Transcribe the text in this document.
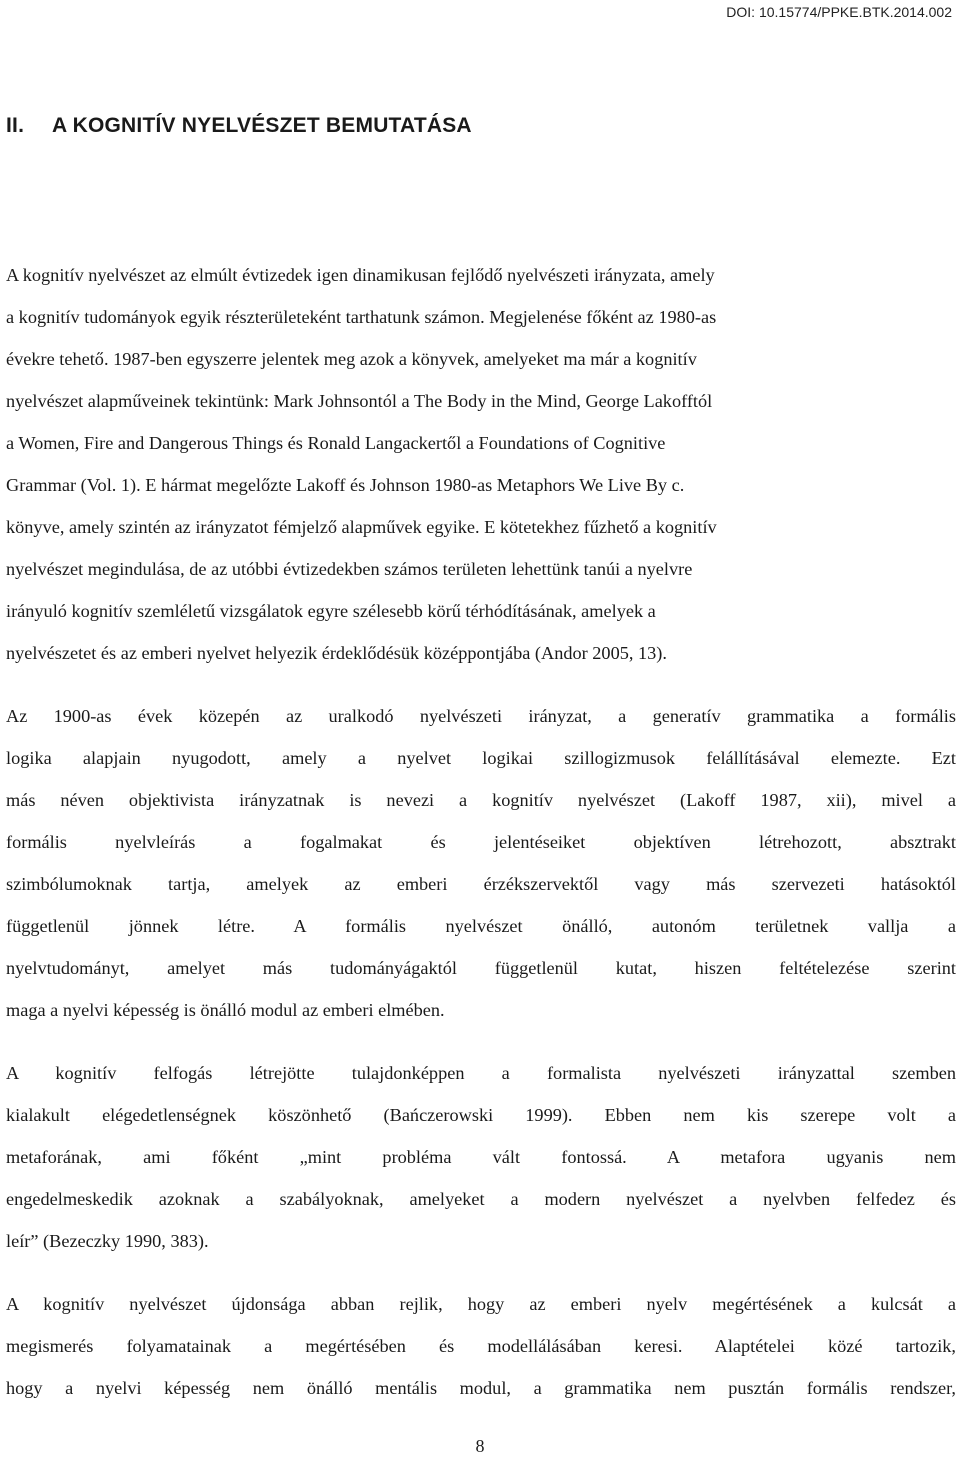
DOI: 10.15774/PPKE.BTK.2014.002

II. A KOGNITÍV NYELVÉSZET BEMUTATÁSA
A kognitív nyelvészet az elmúlt évtizedek igen dinamikusan fejlődő nyelvészeti irányzata, amely
a kognitív tudományok egyik részterületeként tarthatunk számon. Megjelenése főként az 1980-as
évekre tehető. 1987-ben egyszerre jelentek meg azok a könyvek, amelyeket ma már a kognitív
nyelvészet alapműveinek tekintünk: Mark Johnsontól a The Body in the Mind, George Lakofftól
a Women, Fire and Dangerous Things és Ronald Langackertől a Foundations of Cognitive
Grammar (Vol. 1). E hármat megelőzte Lakoff és Johnson 1980-as Metaphors We Live By c.
könyve, amely szintén az irányzatot fémjelző alapművek egyike. E kötetekhez fűzhető a kognitív
nyelvészet megindulása, de az utóbbi évtizedekben számos területen lehettünk tanúi a nyelvre
irányuló kognitív szemléletű vizsgálatok egyre szélesebb körű térhódításának, amelyek a
nyelvészetet és az emberi nyelvet helyezik érdeklődésük középpontjába (Andor 2005, 13).
Az 1900-as évek közepén az uralkodó nyelvészeti irányzat, a generatív grammatika a formális
logika alapjain nyugodott, amely a nyelvet logikai szillogizmusok felállításával elemezte. Ezt
más néven objektivista irányzatnak is nevezi a kognitív nyelvészet (Lakoff 1987, xii), mivel a
formális nyelvleírás a fogalmakat és jelentéseiket objektíven létrehozott, absztrakt
szimbólumoknak tartja, amelyek az emberi érzékszervektől vagy más szervezeti hatásoktól
függetlenül jönnek létre. A formális nyelvészet önálló, autonóm területnek vallja a
nyelvtudományt, amelyet más tudományágaktól függetlenül kutat, hiszen feltételezése szerint
maga a nyelvi képesség is önálló modul az emberi elmében.
A kognitív felfogás létrejötte tulajdonképpen a formalista nyelvészeti irányzattal szemben
kialakult elégedetlenségnek köszönhető (Bańczerowski 1999). Ebben nem kis szerepe volt a
metaforának, ami főként „mint probléma vált fontossá. A metafora ugyanis nem
engedelmeskedik azoknak a szabályoknak, amelyeket a modern nyelvészet a nyelvben felfedez és
leír” (Bezeczky 1990, 383).
A kognitív nyelvészet újdonsága abban rejlik, hogy az emberi nyelv megértésének a kulcsát a
megismerés folyamatainak a megértésében és modellálásában keresi. Alaptételei közé tartozik,
hogy a nyelvi képesség nem önálló mentális modul, a grammatika nem pusztán formális rendszer,

8
